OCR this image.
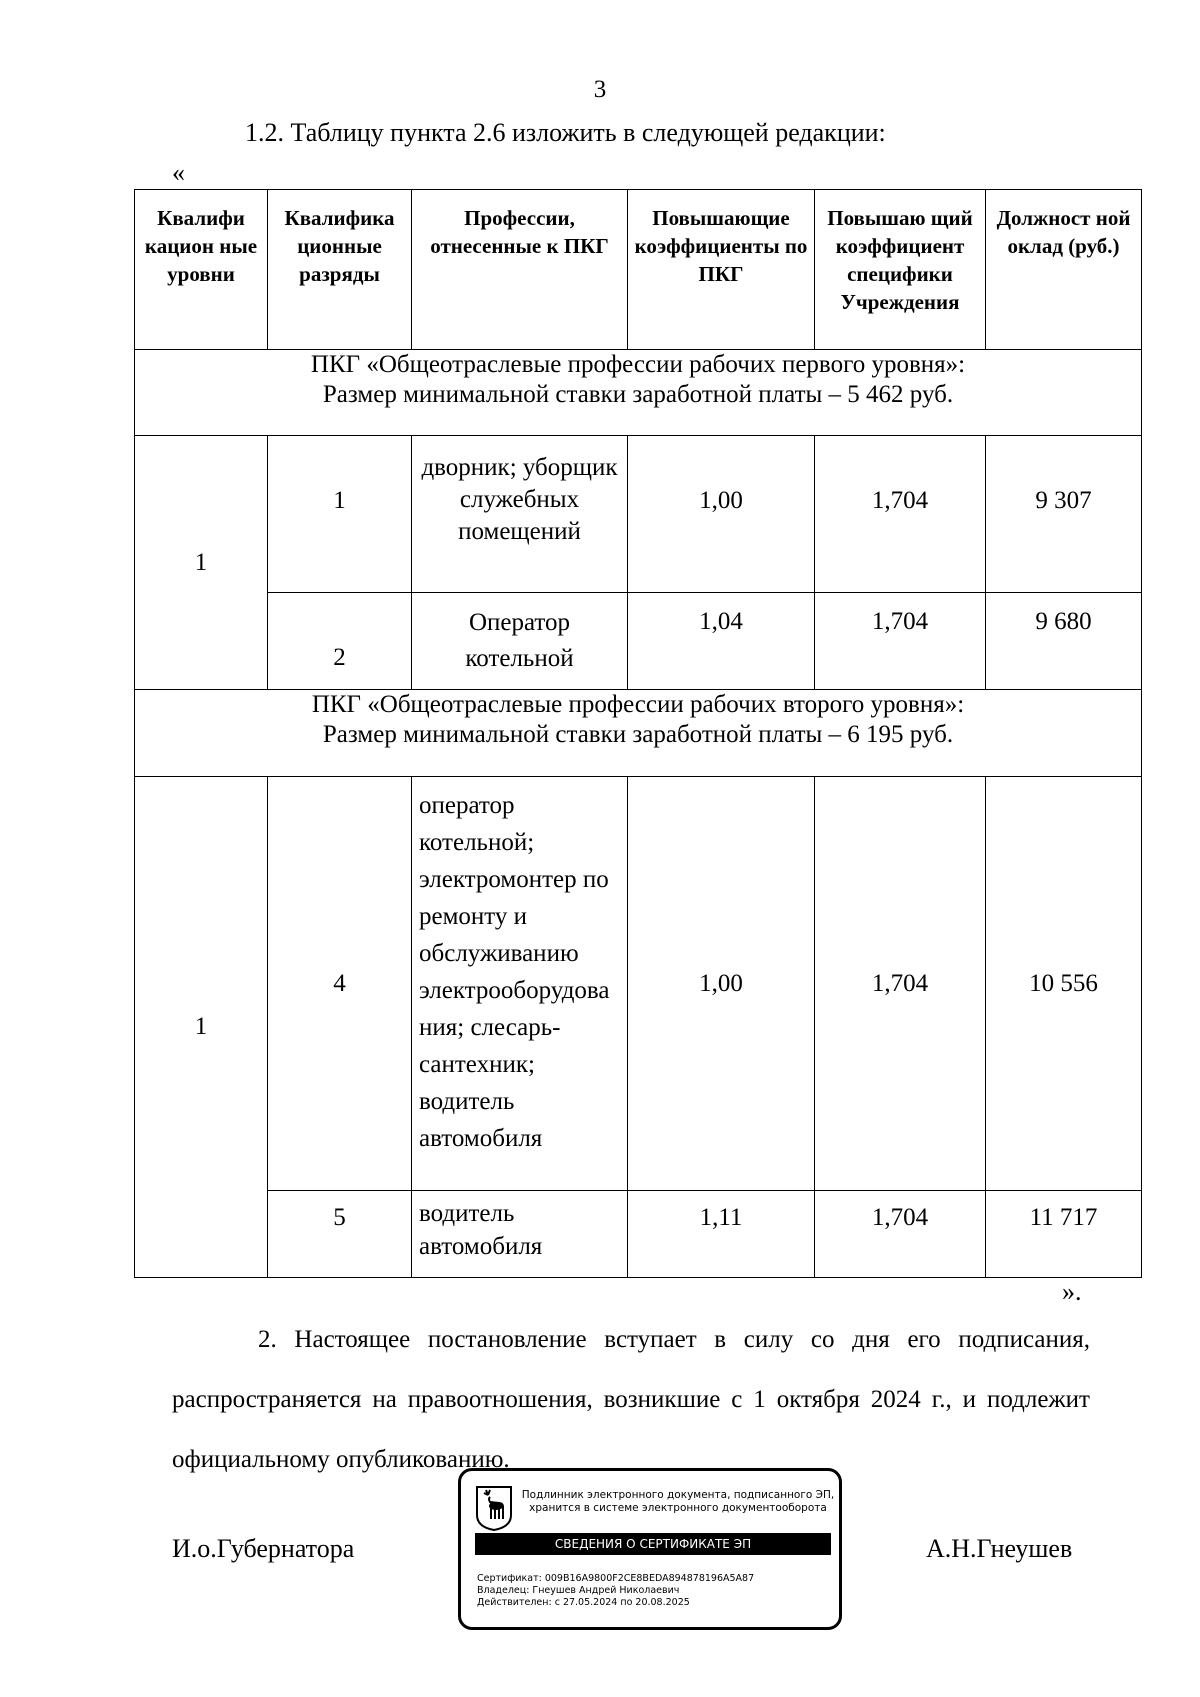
3
1.2. Таблицу пункта 2.6 изложить в следующей редакции:
«
Квалифи кацион ные уровни	Квалифика ционные разряды	Профессии, отнесенные к ПКГ	Повышающие коэффициенты по ПКГ	Повышаю щий коэффициент специфики Учреждения	Должност ной оклад (руб.)

ПКГ «Общеотраслевые профессии рабочих первого уровня»:
Размер минимальной ставки заработной платы – 5 462 руб.					

1	1	дворник; уборщик служебных помещений	1,00	1,704	9 307
	2	Оператор котельной	1,04	1,704	9 680

ПКГ «Общеотраслевые профессии рабочих второго уровня»:
Размер минимальной ставки заработной платы – 6 195 руб.					

1	4	оператор котельной; электромонтер по ремонту и обслуживанию электрооборудования; слесарь-сантехник; водитель автомобиля	1,00	1,704	10 556
	5	водитель автомобиля	1,11	1,704	11 717
».
2. Настоящее постановление вступает в силу со дня его подписания, распространяется на правоотношения, возникшие с 1 октября 2024 г., и подлежит официальному опубликованию.
И.о.Губернатора	А.Н.Гнеушев
Подлинник электронного документа, подписанного ЭП, хранится в системе электронного документооборота
СВЕДЕНИЯ О СЕРТИФИКАТЕ ЭП
Сертификат: 009B16A9800F2CE8BEDA894878196A5A87
Владелец: Гнеушев Андрей Николаевич
Действителен: с 27.05.2024 по 20.08.2025
